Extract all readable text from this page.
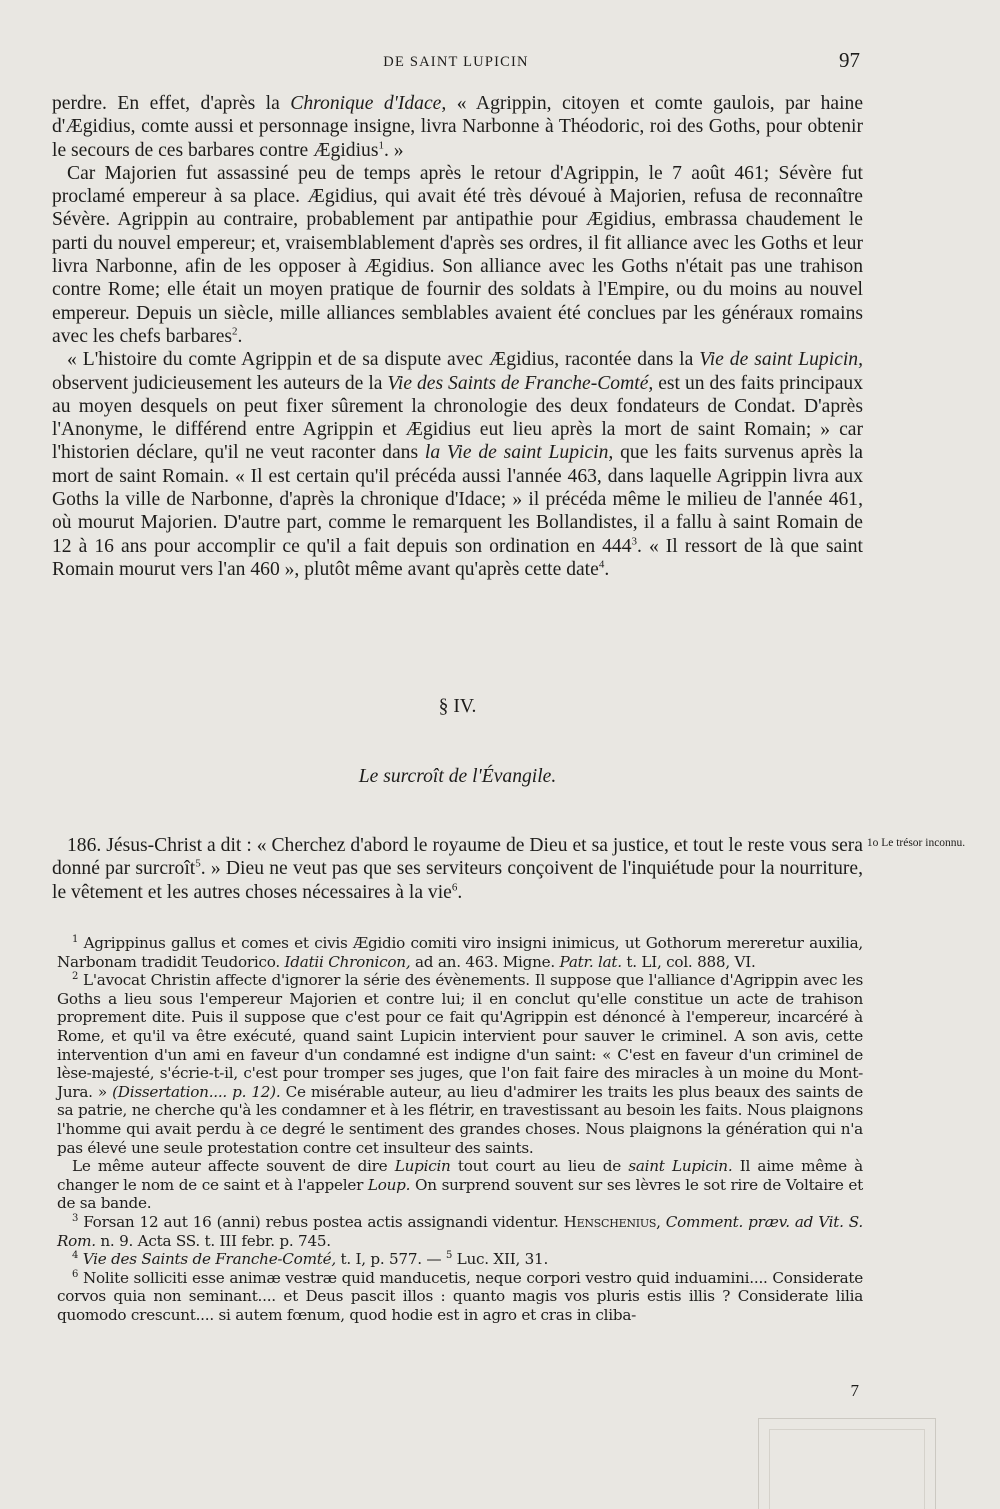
DE SAINT LUPICIN	97

perdre. En effet, d'après la Chronique d'Idace, « Agrippin, citoyen et comte gaulois, par haine d'Ægidius, comte aussi et personnage insigne, livra Narbonne à Théodoric, roi des Goths, pour obtenir le secours de ces barbares contre Ægidius$^1$. »

Car Majorien fut assassiné peu de temps après le retour d'Agrippin, le 7 août 461; Sévère fut proclamé empereur à sa place. Ægidius, qui avait été très dévoué à Majorien, refusa de reconnaître Sévère. Agrippin au contraire, probablement par antipathie pour Ægidius, embrassa chaudement le parti du nouvel empereur; et, vraisemblablement d'après ses ordres, il fit alliance avec les Goths et leur livra Narbonne, afin de les opposer à Ægidius. Son alliance avec les Goths n'était pas une trahison contre Rome; elle était un moyen pratique de fournir des soldats à l'Empire, ou du moins au nouvel empereur. Depuis un siècle, mille alliances semblables avaient été conclues par les généraux romains avec les chefs barbares$^2$.

« L'histoire du comte Agrippin et de sa dispute avec Ægidius, racontée dans la Vie de saint Lupicin, observent judicieusement les auteurs de la Vie des Saints de Franche-Comté, est un des faits principaux au moyen desquels on peut fixer sûrement la chronologie des deux fondateurs de Condat. D'après l'Anonyme, le différend entre Agrippin et Ægidius eut lieu après la mort de saint Romain; » car l'historien déclare, qu'il ne veut raconter dans la Vie de saint Lupicin, que les faits survenus après la mort de saint Romain. « Il est certain qu'il précéda aussi l'année 463, dans laquelle Agrippin livra aux Goths la ville de Narbonne, d'après la chronique d'Idace; » il précéda même le milieu de l'année 461, où mourut Majorien. D'autre part, comme le remarquent les Bollandistes, il a fallu à saint Romain de 12 à 16 ans pour accomplir ce qu'il a fait depuis son ordination en $444^3$. « Il ressort de là que saint Romain mourut vers l'an 460 », plutôt même avant qu'après cette date$^4$.

§ IV.
Le surcroît de l'Évangile.

186. Jésus-Christ a dit : « Cherchez d'abord le royaume de Dieu et sa justice, et tout le reste vous sera donné par surcroît$^5$. » Dieu ne veut pas que ses serviteurs conçoivent de l'inquiétude pour la nourriture, le vêtement et les autres choses nécessaires à la vie$^6$.

1o Le trésor inconnu.

$^1$ Agrippinus gallus et comes et civis Ægidio comiti viro insigni inimicus, ut Gothorum mereretur auxilia, Narbonam tradidit Teudorico. Idatii Chronicon, ad an. 463. Migne. Patr. lat. t. LI, col. 888, VI.

$^2$ L'avocat Christin affecte d'ignorer la série des évènements. Il suppose que l'alliance d'Agrippin avec les Goths a lieu sous l'empereur Majorien et contre lui; il en conclut qu'elle constitue un acte de trahison proprement dite. Puis il suppose que c'est pour ce fait qu'Agrippin est dénoncé à l'empereur, incarcéré à Rome, et qu'il va être exécuté, quand saint Lupicin intervient pour sauver le criminel. A son avis, cette intervention d'un ami en faveur d'un condamné est indigne d'un saint: « C'est en faveur d'un criminel de lèse-majesté, s'écrie-t-il, c'est pour tromper ses juges, que l'on fait faire des miracles à un moine du Mont-Jura. » (Dissertation.... p. 12). Ce misérable auteur, au lieu d'admirer les traits les plus beaux des saints de sa patrie, ne cherche qu'à les condamner et à les flétrir, en travestissant au besoin les faits. Nous plaignons l'homme qui avait perdu à ce degré le sentiment des grandes choses. Nous plaignons la génération qui n'a pas élevé une seule protestation contre cet insulteur des saints.

Le même auteur affecte souvent de dire Lupicin tout court au lieu de saint Lupicin. Il aime même à changer le nom de ce saint et à l'appeler Loup. On surprend souvent sur ses lèvres le sot rire de Voltaire et de sa bande.

$^3$ Forsan 12 aut 16 (anni) rebus postea actis assignandi videntur. Henschenius, Comment. præv. ad Vit. S. Rom. n. 9. Acta SS. t. III febr. p. 745.

$^4$ Vie des Saints de Franche-Comté, t. I, p. 577. — $^5$ Luc. XII, 31.

$^6$ Nolite solliciti esse animæ vestræ quid manducetis, neque corpori vestro quid induamini.... Considerate corvos quia non seminant.... et Deus pascit illos : quanto magis vos pluris estis illis ? Considerate lilia quomodo crescunt.... si autem fœnum, quod hodie est in agro et cras in clibа-

7
